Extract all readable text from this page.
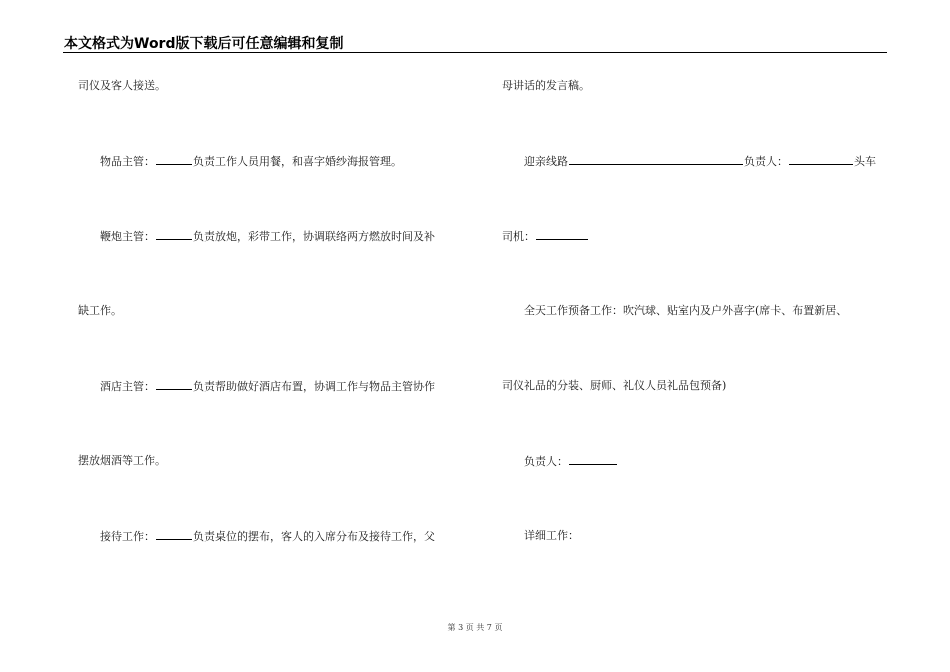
本文格式为Word版下载后可任意编辑和复制
司仪及客人接送。
物品主管：	负责工作人员用餐，和喜字婚纱海报管理。
鞭炮主管：	负责放炮，彩带工作，协调联络两方燃放时间及补
缺工作。
酒店主管：	负责帮助做好酒店布置，协调工作与物品主管协作
摆放烟酒等工作。
接待工作：	负责桌位的摆布，客人的入席分布及接待工作，父
母讲话的发言稿。
迎亲线路	负责人：	头车
司机：
全天工作预备工作：吹汽球、贴室内及户外喜字(席卡、布置新居、
司仪礼品的分装、厨师、礼仪人员礼品包预备)
负责人：
详细工作：
第 3 页 共 7 页
